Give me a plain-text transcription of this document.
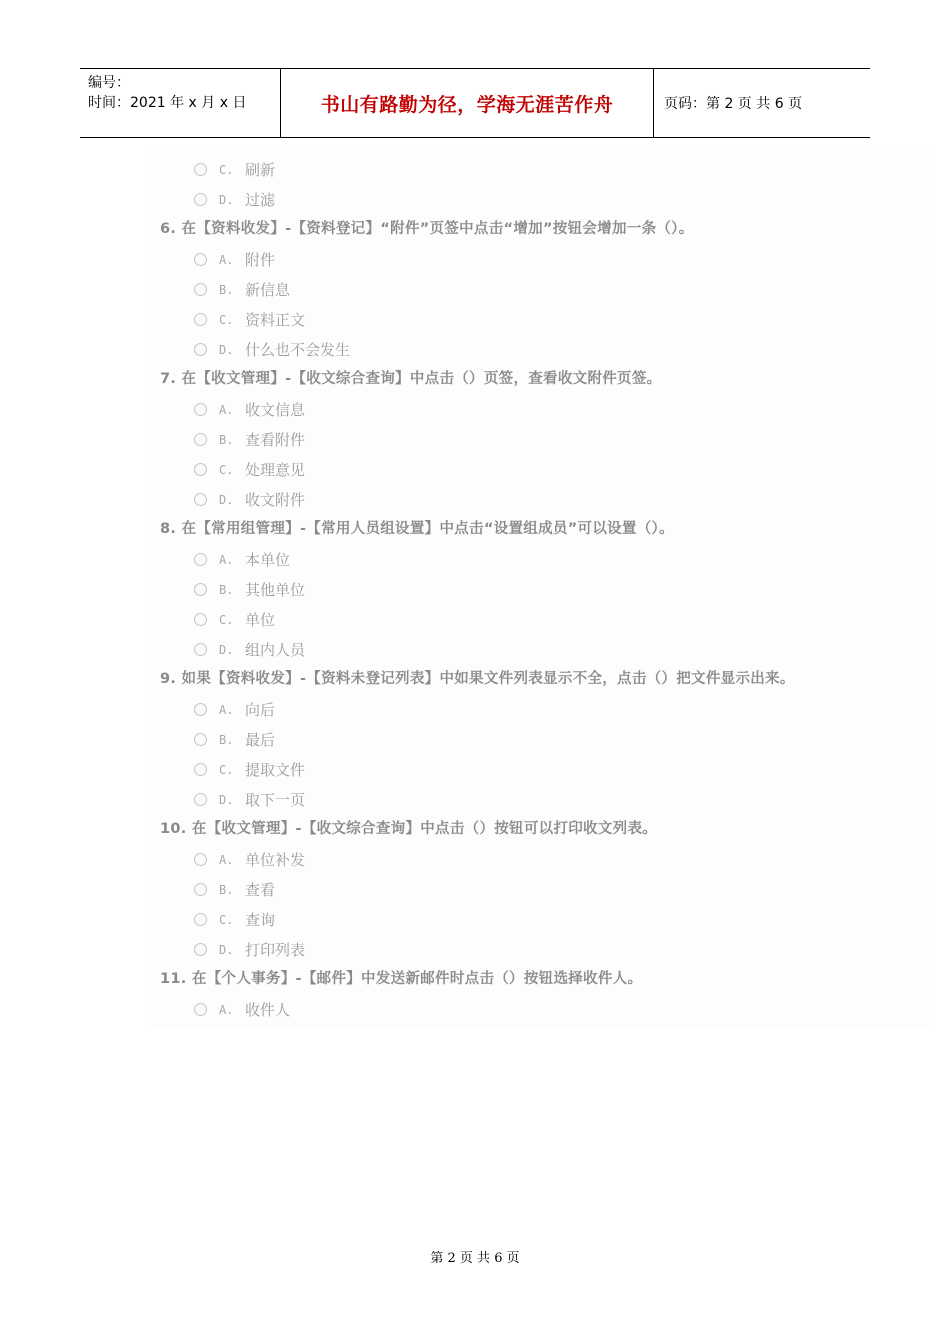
编号：
时间：2021 年 x 月 x 日	书山有路勤为径，学海无涯苦作舟	页码：第 2 页 共 6 页
C. 刷新
D. 过滤
6. 在【资料收发】-【资料登记】“附件”页签中点击“增加”按钮会增加一条（）。
A. 附件
B. 新信息
C. 资料正文
D. 什么也不会发生
7. 在【收文管理】-【收文综合查询】中点击（）页签，查看收文附件页签。
A. 收文信息
B. 查看附件
C. 处理意见
D. 收文附件
8. 在【常用组管理】-【常用人员组设置】中点击“设置组成员”可以设置（）。
A. 本单位
B. 其他单位
C. 单位
D. 组内人员
9. 如果【资料收发】-【资料未登记列表】中如果文件列表显示不全，点击（）把文件显示出来。
A. 向后
B. 最后
C. 提取文件
D. 取下一页
10. 在【收文管理】-【收文综合查询】中点击（）按钮可以打印收文列表。
A. 单位补发
B. 查看
C. 查询
D. 打印列表
11. 在【个人事务】-【邮件】中发送新邮件时点击（）按钮选择收件人。
A. 收件人
第 2 页 共 6 页
